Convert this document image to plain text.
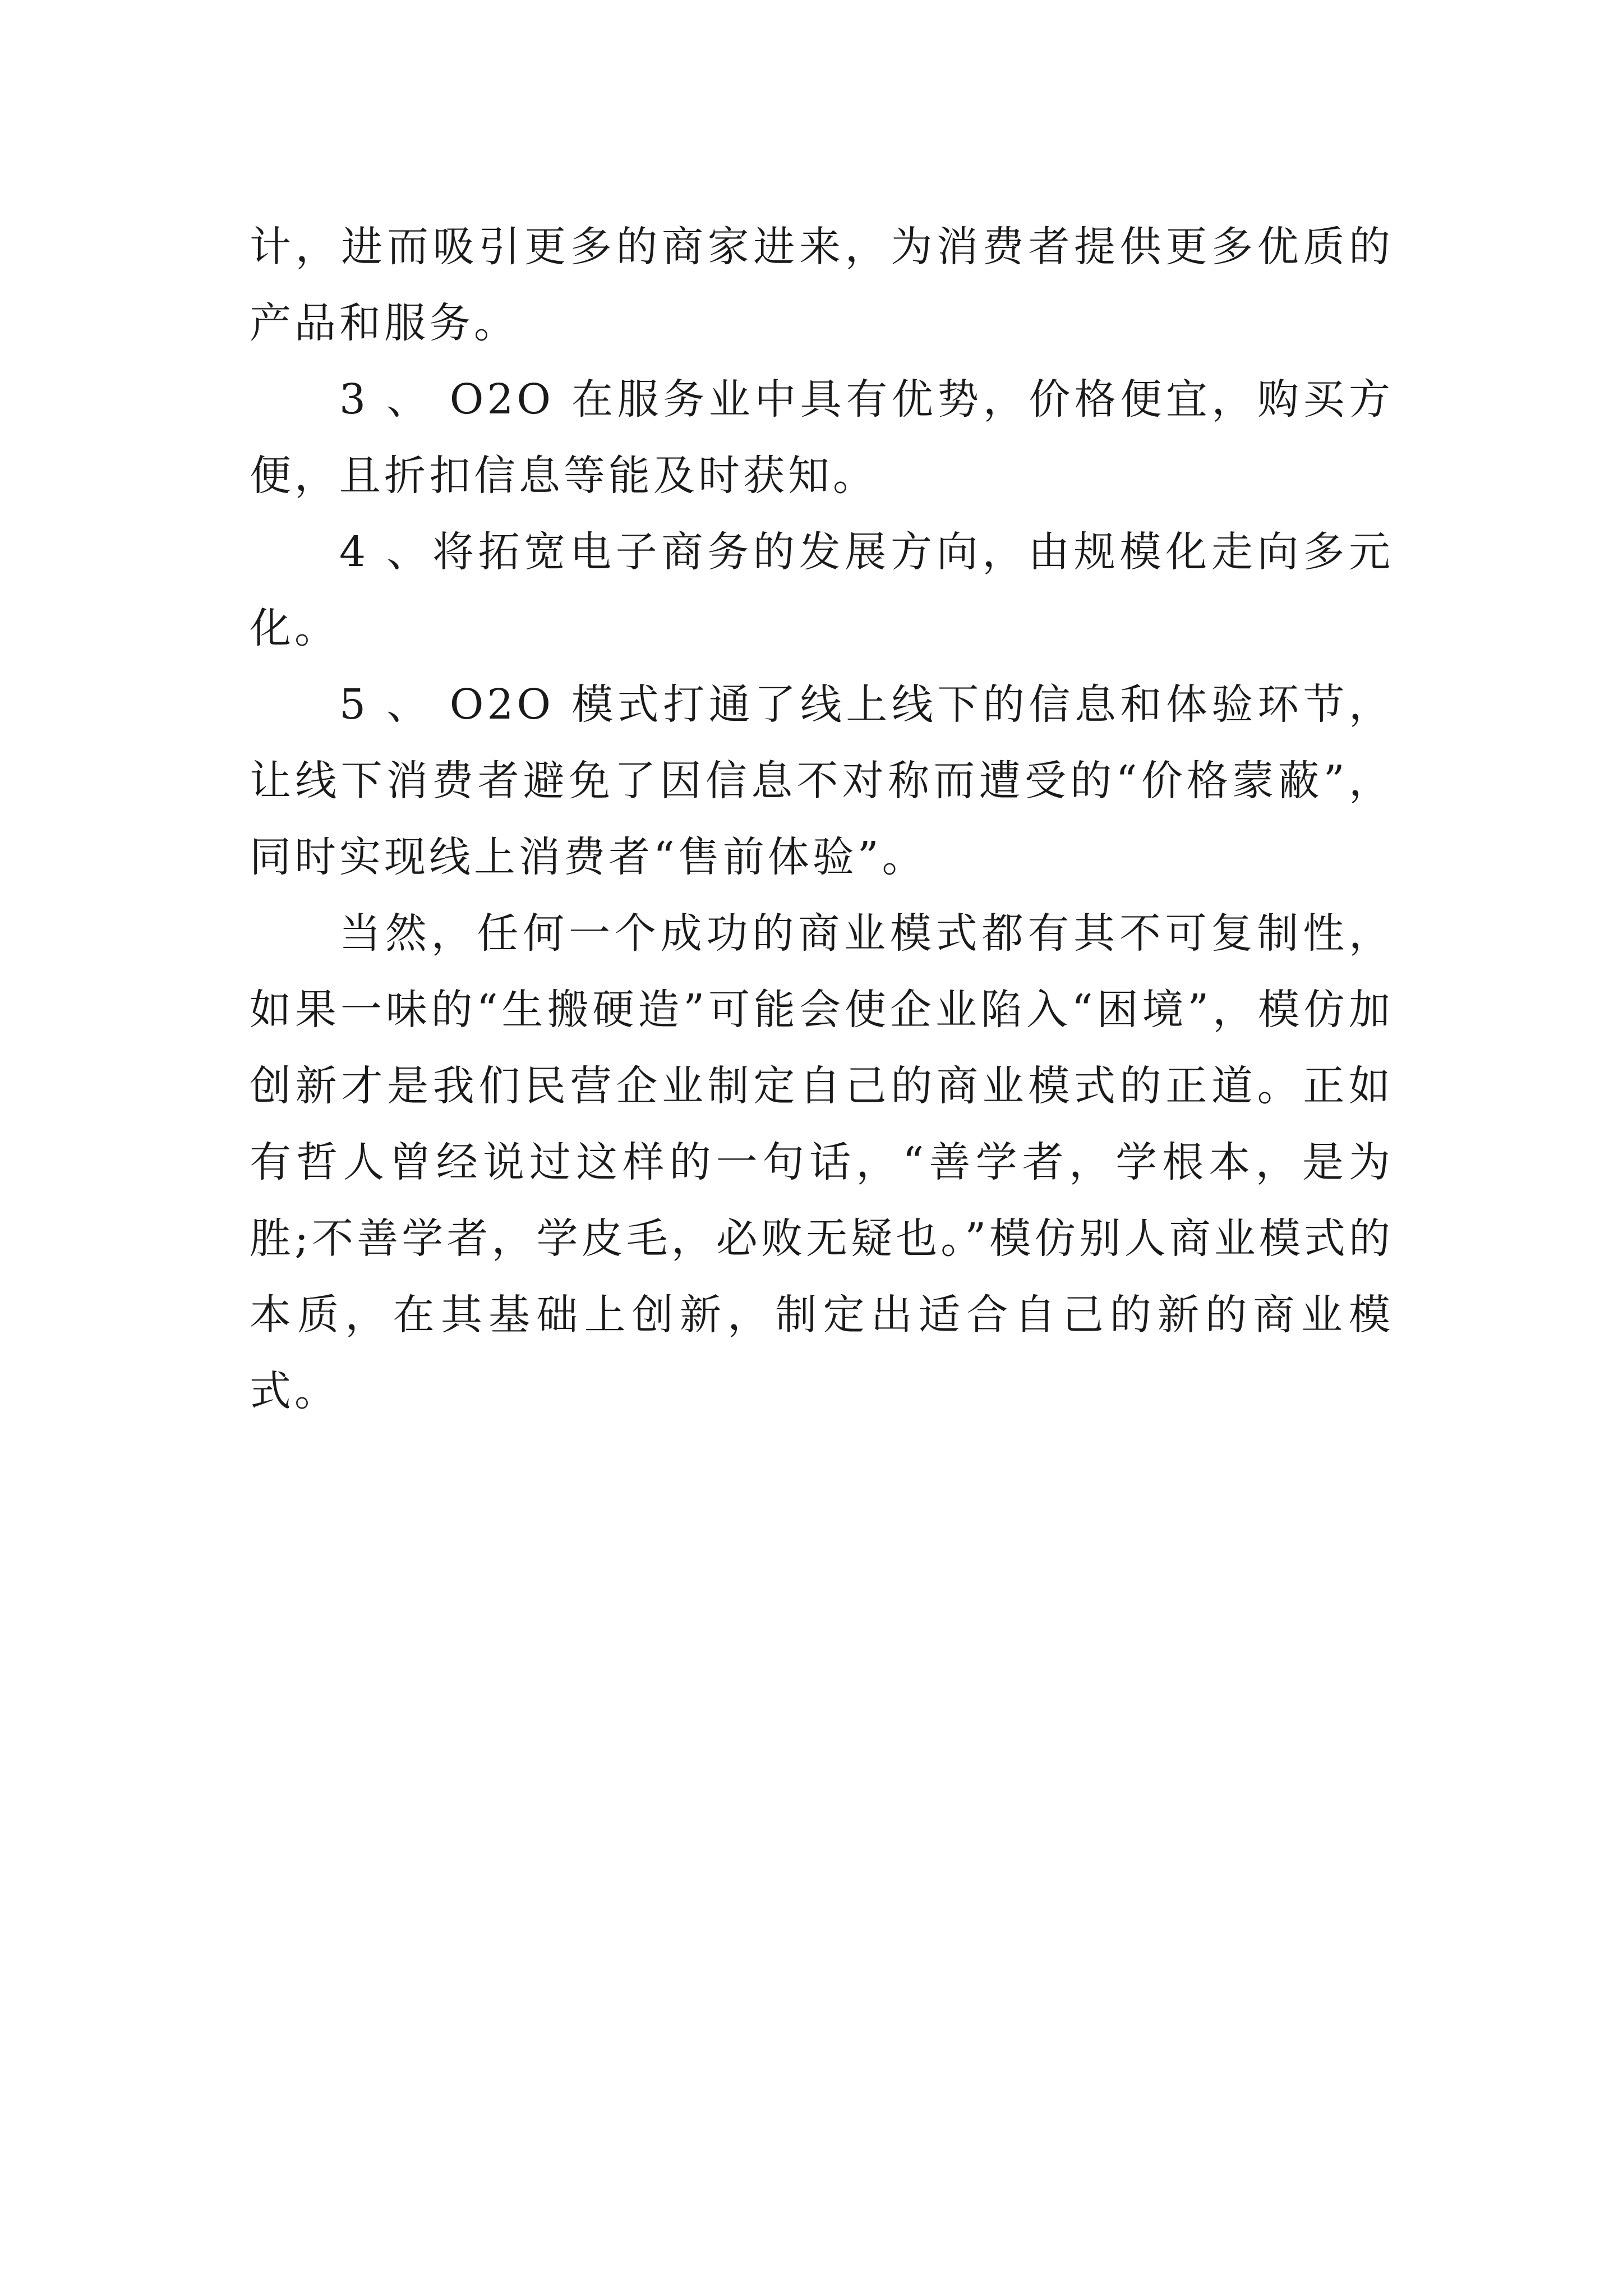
计，进而吸引更多的商家进来，为消费者提供更多优质的产品和服务。

3 、 O2O 在服务业中具有优势，价格便宜，购买方便，且折扣信息等能及时获知。

4 、将拓宽电子商务的发展方向，由规模化走向多元化。

5 、 O2O 模式打通了线上线下的信息和体验环节，让线下消费者避免了因信息不对称而遭受的“价格蒙蔽”，同时实现线上消费者“售前体验”。

当然，任何一个成功的商业模式都有其不可复制性，如果一味的“生搬硬造”可能会使企业陷入“困境”，模仿加创新才是我们民营企业制定自己的商业模式的正道。正如有哲人曾经说过这样的一句话，“善学者，学根本，是为胜;不善学者，学皮毛，必败无疑也。”模仿别人商业模式的本质，在其基础上创新，制定出适合自己的新的商业模式。
